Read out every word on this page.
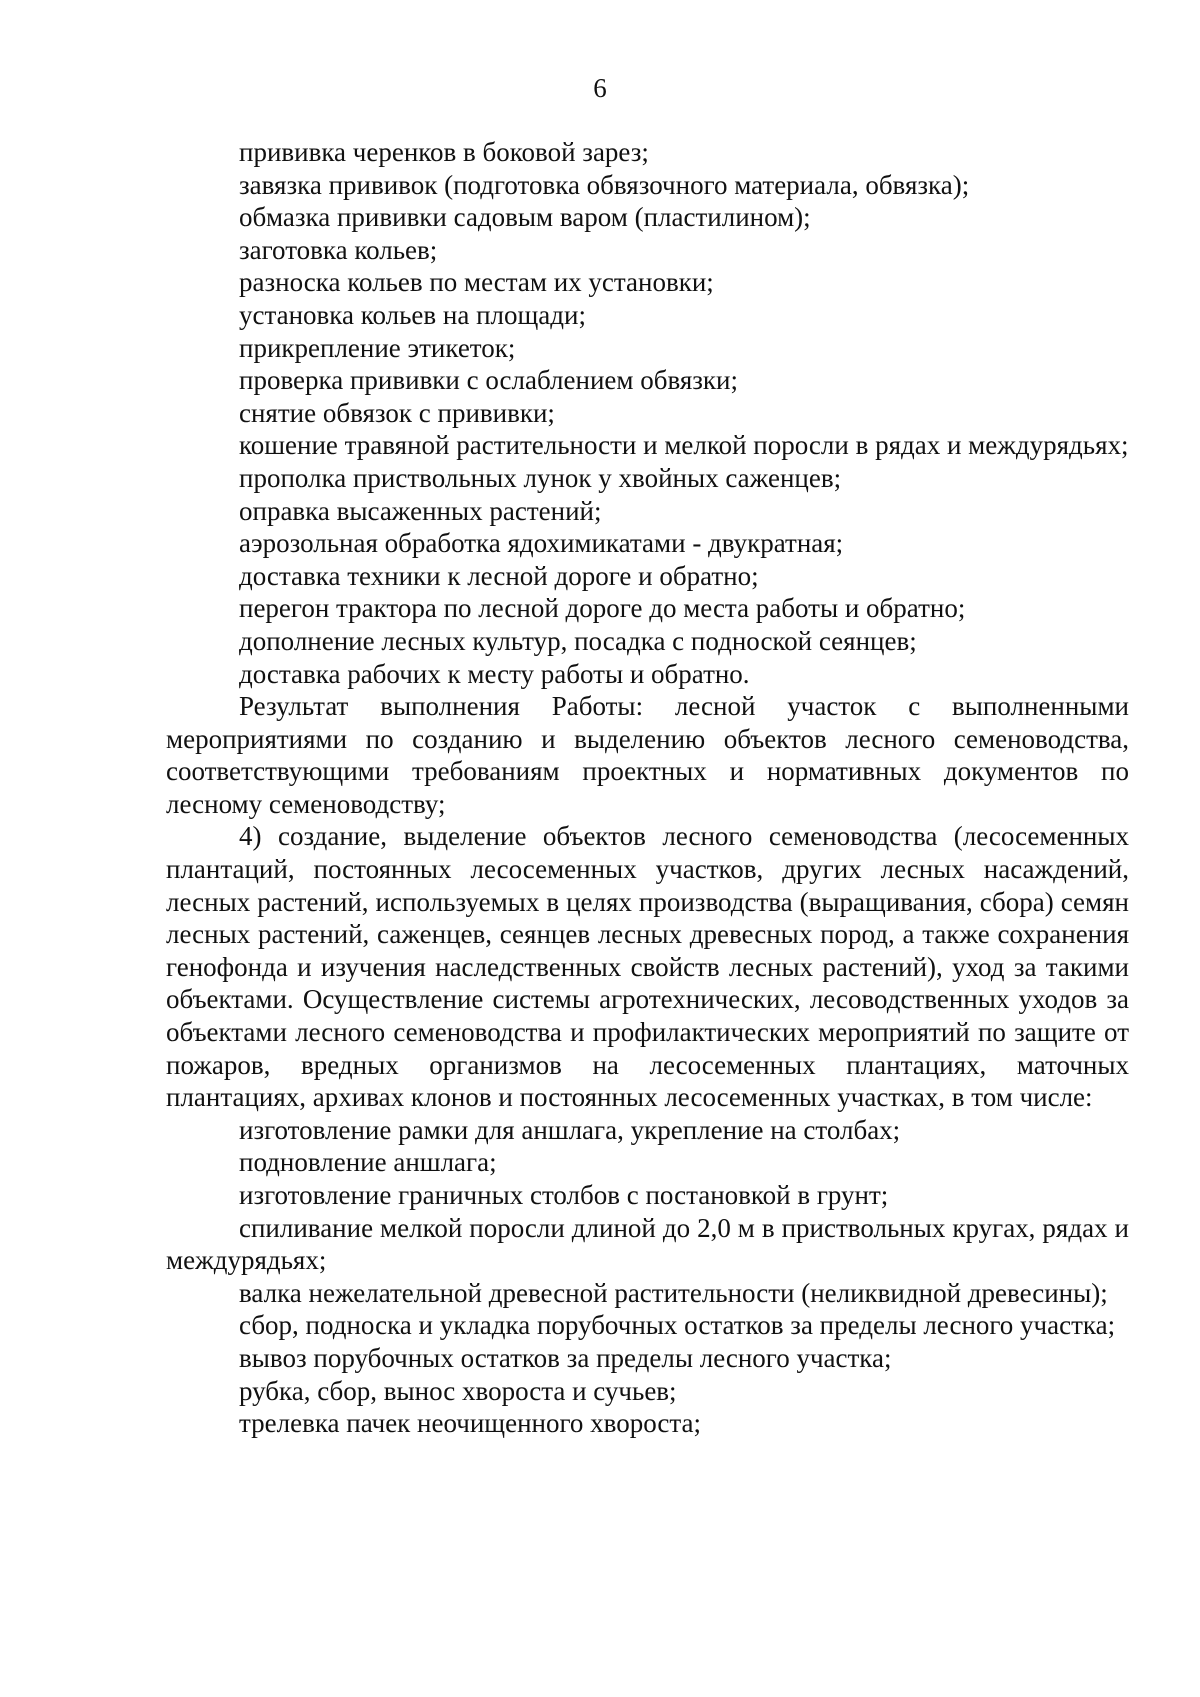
6

прививка черенков в боковой зарез;

завязка прививок (подготовка обвязочного материала, обвязка);

обмазка прививки садовым варом (пластилином);

заготовка кольев;

разноска кольев по местам их установки;

установка кольев на площади;

прикрепление этикеток;

проверка прививки с ослаблением обвязки;

снятие обвязок с прививки;

кошение травяной растительности и мелкой поросли в рядах и междурядьях;

прополка приствольных лунок у хвойных саженцев;

оправка высаженных растений;

аэрозольная обработка ядохимикатами - двукратная;

доставка техники к лесной дороге и обратно;

перегон трактора по лесной дороге до места работы и обратно;

дополнение лесных культур, посадка с подноской сеянцев;

доставка рабочих к месту работы и обратно.

Результат выполнения Работы: лесной участок с выполненными мероприятиями по созданию и выделению объектов лесного семеноводства, соответствующими требованиям проектных и нормативных документов по лесному семеноводству;

4) создание, выделение объектов лесного семеноводства (лесосеменных плантаций, постоянных лесосеменных участков, других лесных насаждений, лесных растений, используемых в целях производства (выращивания, сбора) семян лесных растений, саженцев, сеянцев лесных древесных пород, а также сохранения генофонда и изучения наследственных свойств лесных растений), уход за такими объектами. Осуществление системы агротехнических, лесоводственных уходов за объектами лесного семеноводства и профилактических мероприятий по защите от пожаров, вредных организмов на лесосеменных плантациях, маточных плантациях, архивах клонов и постоянных лесосеменных участках, в том числе:

изготовление рамки для аншлага, укрепление на столбах;

подновление аншлага;

изготовление граничных столбов с постановкой в грунт;

спиливание мелкой поросли длиной до 2,0 м в приствольных кругах, рядах и междурядьях;

валка нежелательной древесной растительности (неликвидной древесины);

сбор, подноска и укладка порубочных остатков за пределы лесного участка;

вывоз порубочных остатков за пределы лесного участка;

рубка, сбор, вынос хвороста и сучьев;

трелевка пачек неочищенного хвороста;
